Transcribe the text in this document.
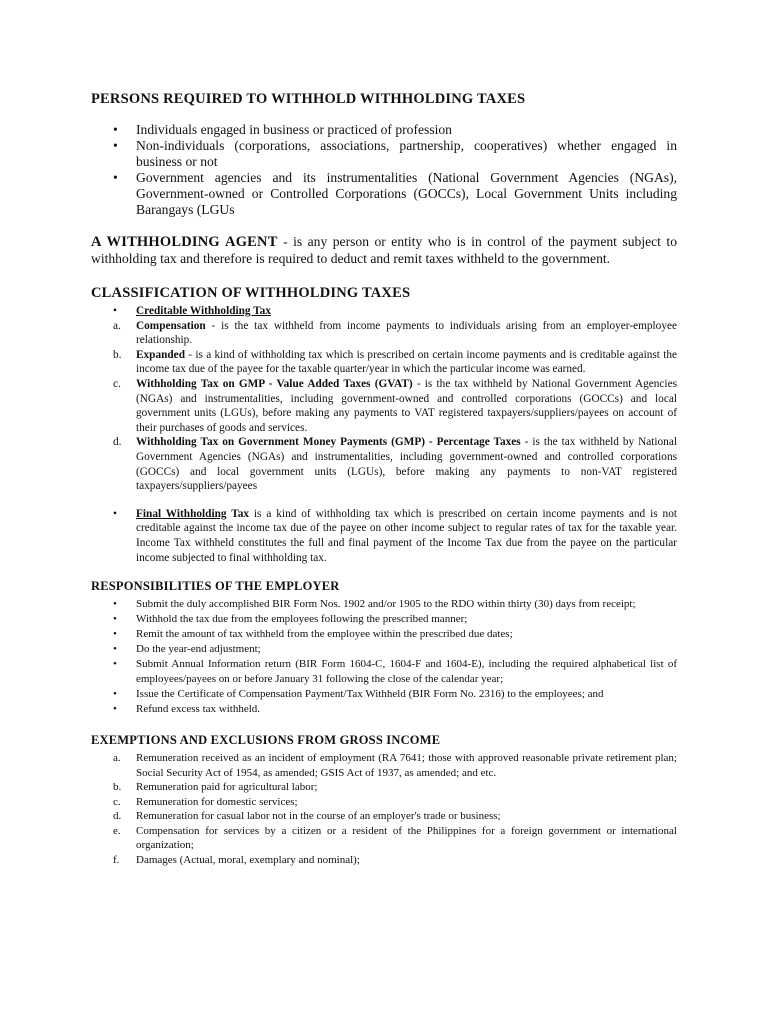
PERSONS REQUIRED TO WITHHOLD WITHHOLDING TAXES
• Individuals engaged in business or practiced of profession
• Non-individuals (corporations, associations, partnership, cooperatives) whether engaged in business or not
• Government agencies and its instrumentalities (National Government Agencies (NGAs), Government-owned or Controlled Corporations (GOCCs), Local Government Units including Barangays (LGUs

A WITHHOLDING AGENT - is any person or entity who is in control of the payment subject to withholding tax and therefore is required to deduct and remit taxes withheld to the government.

CLASSIFICATION OF WITHHOLDING TAXES
• Creditable Withholding Tax
a. Compensation - is the tax withheld from income payments to individuals arising from an employer-employee relationship.
b. Expanded - is a kind of withholding tax which is prescribed on certain income payments and is creditable against the income tax due of the payee for the taxable quarter/year in which the particular income was earned.
c. Withholding Tax on GMP - Value Added Taxes (GVAT) - is the tax withheld by National Government Agencies (NGAs) and instrumentalities, including government-owned and controlled corporations (GOCCs) and local government units (LGUs), before making any payments to VAT registered taxpayers/suppliers/payees on account of their purchases of goods and services.
d. Withholding Tax on Government Money Payments (GMP) - Percentage Taxes - is the tax withheld by National Government Agencies (NGAs) and instrumentalities, including government-owned and controlled corporations (GOCCs) and local government units (LGUs), before making any payments to non-VAT registered taxpayers/suppliers/payees
• Final Withholding Tax is a kind of withholding tax which is prescribed on certain income payments and is not creditable against the income tax due of the payee on other income subject to regular rates of tax for the taxable year. Income Tax withheld constitutes the full and final payment of the Income Tax due from the payee on the particular income subjected to final withholding tax.
RESPONSIBILITIES OF THE EMPLOYER
• Submit the duly accomplished BIR Form Nos. 1902 and/or 1905 to the RDO within thirty (30) days from receipt;
• Withhold the tax due from the employees following the prescribed manner;
• Remit the amount of tax withheld from the employee within the prescribed due dates;
• Do the year-end adjustment;
• Submit Annual Information return (BIR Form 1604-C, 1604-F and 1604-E), including the required alphabetical list of employees/payees on or before January 31 following the close of the calendar year;
• Issue the Certificate of Compensation Payment/Tax Withheld (BIR Form No. 2316) to the employees; and
• Refund excess tax withheld.
EXEMPTIONS AND EXCLUSIONS FROM GROSS INCOME
a. Remuneration received as an incident of employment (RA 7641; those with approved reasonable private retirement plan; Social Security Act of 1954, as amended; GSIS Act of 1937, as amended; and etc.
b. Remuneration paid for agricultural labor;
c. Remuneration for domestic services;
d. Remuneration for casual labor not in the course of an employer's trade or business;
e. Compensation for services by a citizen or a resident of the Philippines for a foreign government or international organization;
f. Damages (Actual, moral, exemplary and nominal);
